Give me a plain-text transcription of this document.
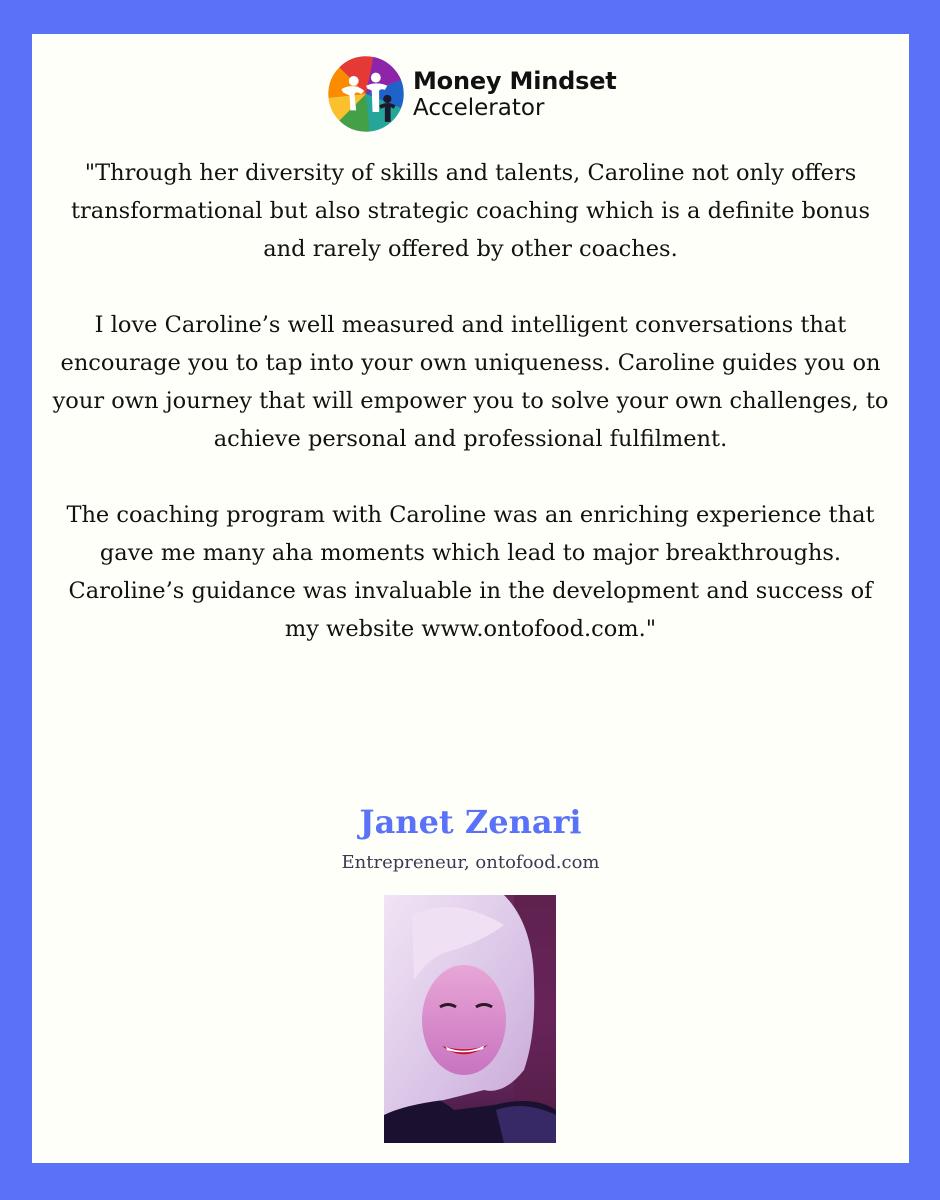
Money Mindset
Accelerator

"Through her diversity of skills and talents, Caroline not only offers transformational but also strategic coaching which is a definite bonus and rarely offered by other coaches.

I love Caroline’s well measured and intelligent conversations that encourage you to tap into your own uniqueness. Caroline guides you on your own journey that will empower you to solve your own challenges, to achieve personal and professional fulfilment.

The coaching program with Caroline was an enriching experience that gave me many aha moments which lead to major breakthroughs. Caroline’s guidance was invaluable in the development and success of my website www.ontofood.com."

Janet Zenari
Entrepreneur, ontofood.com
